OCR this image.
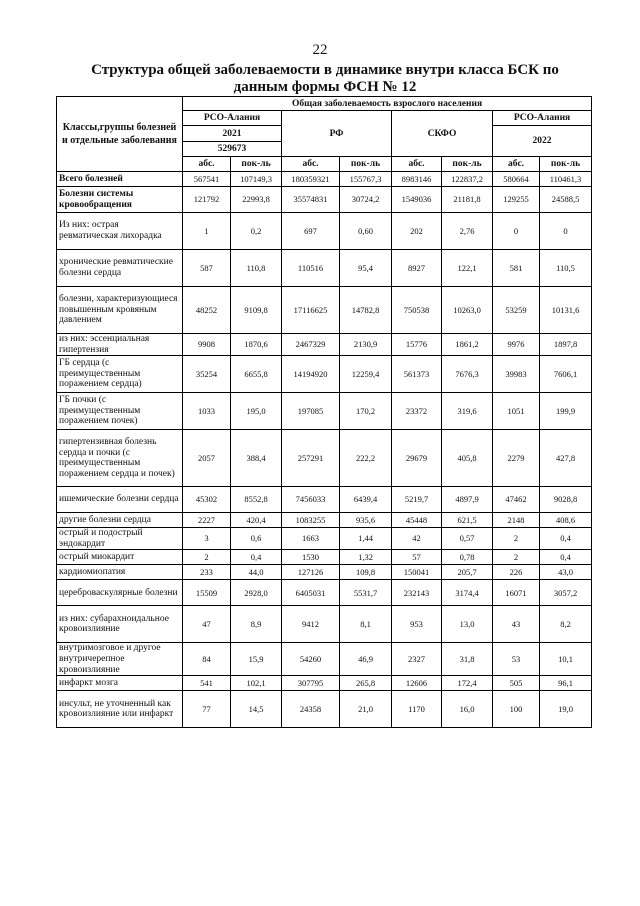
22
Структура общей заболеваемости в динамике внутри класса БСК по
данным формы ФСН № 12
Классы,группы болезней и отдельные заболевания	Общая заболеваемость взрослого населения							
	РСО-Алания		РФ		СКФО		РСО-Алания	
	2021						2022	
	529673							
	абс.	пок-ль	абс.	пок-ль	абс.	пок-ль	абс.	пок-ль
Всего болезней	567541	107149,3	180359321	155767,3	8983146	122837,2	580664	110461,3
Болезни системы кровообращения	121792	22993,8	35574831	30724,2	1549036	21181,8	129255	24588,5
Из них: острая ревматическая лихорадка	1	0,2	697	0,60	202	2,76	0	0
хронические ревматические болезни сердца	587	110,8	110516	95,4	8927	122,1	581	110,5
болезни, характеризующиеся повышенным кровяным давлением	48252	9109,8	17116625	14782,8	750538	10263,0	53259	10131,6
из них: эссенциальная гипертензия	9908	1870,6	2467329	2130,9	15776	1861,2	9976	1897,8
ГБ сердца (с преимущественным поражением сердца)	35254	6655,8	14194920	12259,4	561373	7676,3	39983	7606,1
ГБ почки (с преимущественным поражением почек)	1033	195,0	197085	170,2	23372	319,6	1051	199,9
гипертензивная болезнь сердца и почки (с преимущественным поражением сердца и почек)	2057	388,4	257291	222,2	29679	405,8	2279	427,8
ишемические болезни сердца	45302	8552,8	7456033	6439,4	5219,7	4897,9	47462	9028,8
другие болезни сердца	2227	420,4	1083255	935,6	45448	621,5	2148	408,6
острый и подострый эндокардит	3	0,6	1663	1,44	42	0,57	2	0,4
острый миокардит	2	0,4	1530	1,32	57	0,78	2	0,4
кардиомиопатия	233	44,0	127126	109,8	150041	205,7	226	43,0
цереброваскулярные болезни	15509	2928,0	6405031	5531,7	232143	3174,4	16071	3057,2
из них: субарахноидальное кровоизлияние	47	8,9	9412	8,1	953	13,0	43	8,2
внутримозговое и другое внутричерепное кровоизлияние	84	15,9	54260	46,9	2327	31,8	53	10,1
инфаркт мозга	541	102,1	307795	265,8	12606	172,4	505	96,1
инсульт, не уточненный как кровоизлияние или инфаркт	77	14,5	24358	21,0	1170	16,0	100	19,0
